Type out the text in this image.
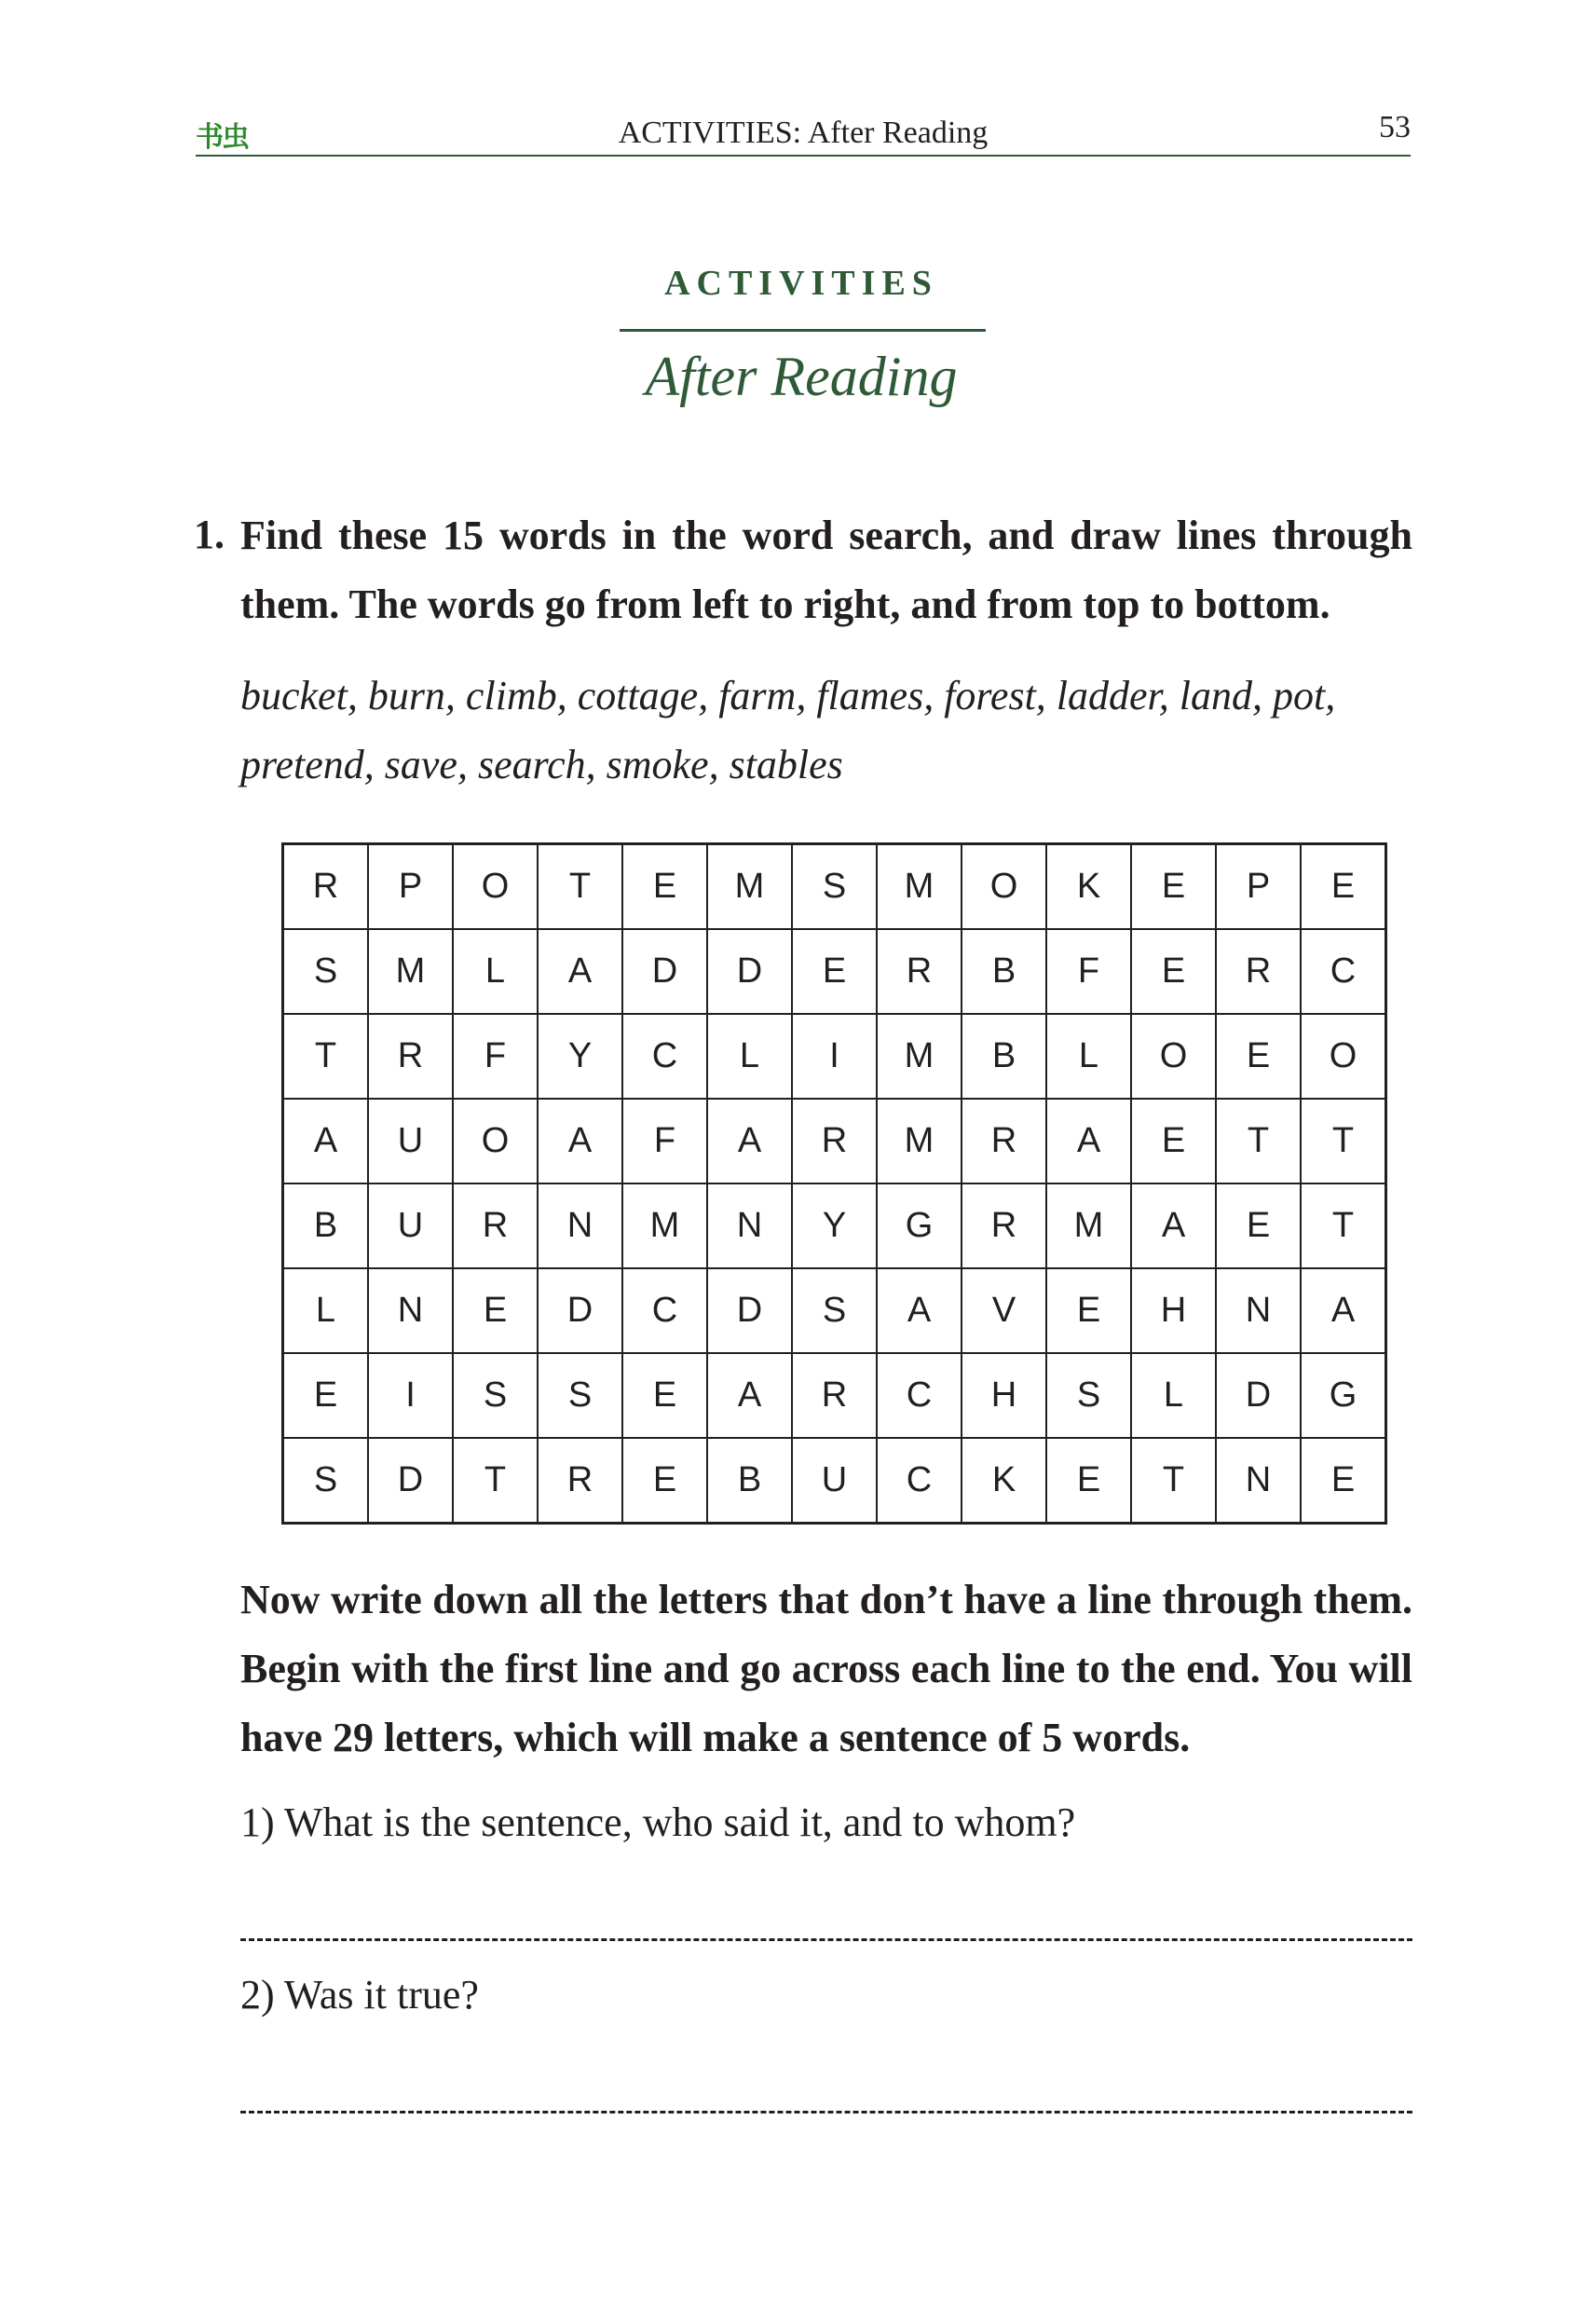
书虫	ACTIVITIES: After Reading	53
ACTIVITIES
After Reading
1. Find these 15 words in the word search, and draw lines through them. The words go from left to right, and from top to bottom.

bucket, burn, climb, cottage, farm, flames, forest, ladder, land, pot, pretend, save, search, smoke, stables

R	P	O	T	E	M	S	M	O	K	E	P	E
S	M	L	A	D	D	E	R	B	F	E	R	C
T	R	F	Y	C	L	I	M	B	L	O	E	O
A	U	O	A	F	A	R	M	R	A	E	T	T
B	U	R	N	M	N	Y	G	R	M	A	E	T
L	N	E	D	C	D	S	A	V	E	H	N	A
E	I	S	S	E	A	R	C	H	S	L	D	G
S	D	T	R	E	B	U	C	K	E	T	N	E

Now write down all the letters that don’t have a line through them. Begin with the first line and go across each line to the end. You will have 29 letters, which will make a sentence of 5 words.

1) What is the sentence, who said it, and to whom?

2) Was it true?
